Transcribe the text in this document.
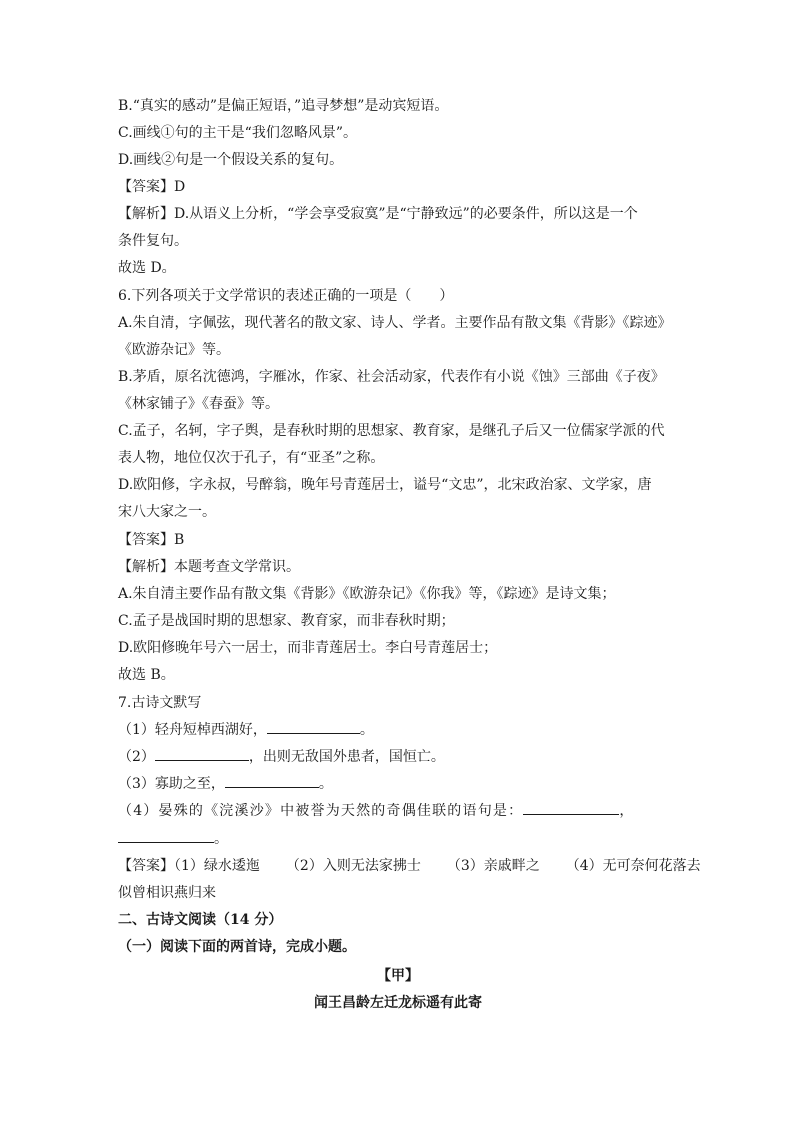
B.“真实的感动”是偏正短语，”追寻梦想”是动宾短语。
C.画线①句的主干是“我们忽略风景”。
D.画线②句是一个假设关系的复句。
【答案】D
【解析】D.从语义上分析，“学会享受寂寞”是“宁静致远”的必要条件，所以这是一个
条件复句。
故选 D。
6.下列各项关于文学常识的表述正确的一项是（　　）
A.朱自清，字佩弦，现代著名的散文家、诗人、学者。主要作品有散文集《背影》《踪迹》
《欧游杂记》等。
B.茅盾，原名沈德鸿，字雁冰，作家、社会活动家，代表作有小说《蚀》三部曲《子夜》
《林家铺子》《春蚕》等。
C.孟子，名轲，字子舆，是春秋时期的思想家、教育家，是继孔子后又一位儒家学派的代
表人物，地位仅次于孔子，有“亚圣”之称。
D.欧阳修，字永叔，号醉翁，晚年号青莲居士，谥号“文忠”，北宋政治家、文学家，唐
宋八大家之一。
【答案】B
【解析】本题考查文学常识。
A.朱自清主要作品有散文集《背影》《欧游杂记》《你我》等，《踪迹》是诗文集；
C.孟子是战国时期的思想家、教育家，而非春秋时期；
D.欧阳修晚年号六一居士，而非青莲居士。李白号青莲居士；
故选 B。
7.古诗文默写
（1）轻舟短棹西湖好，	。
（2）	，出则无敌国外患者，国恒亡。
（3）寡助之至，	。
（4）晏殊的《浣溪沙》中被誉为天然的奇偶佳联的语句是：	，
。
【答案】（1）绿水逶迤 （2）入则无法家拂士 （3）亲戚畔之 （4）无可奈何花落去
似曾相识燕归来
二、古诗文阅读（14 分）
（一）阅读下面的两首诗，完成小题。
【甲】
闻王昌龄左迁龙标遥有此寄
